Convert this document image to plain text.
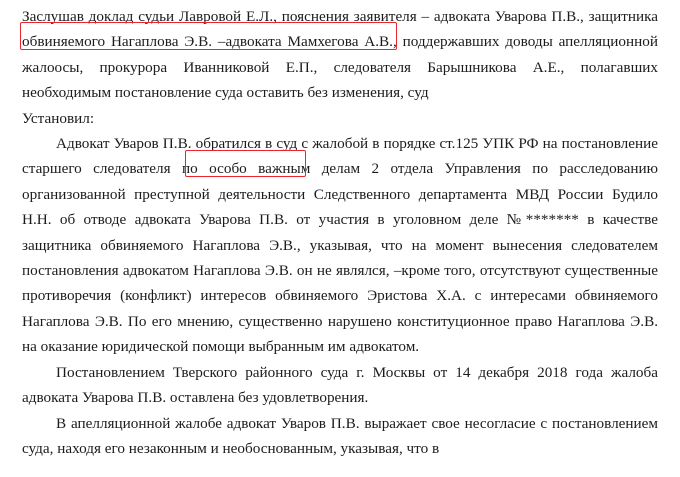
Заслушав доклад судьи Лавровой Е.Л., пояснения заявителя – адвоката Уварова П.В., защитника обвиняемого Нагаплова Э.В. –адвоката Мамхегова А.В., поддержавших доводы апелляционной жалоосы, прокурора Иванниковой Е.П., следователя Барышникова А.Е., полагавших необходимым постановление суда оставить без изменения, суд

Установил:

Адвокат Уваров П.В. обратился в суд с жалобой в порядке ст.125 УПК РФ на постановление старшего следователя по особо важным делам 2 отдела Управления по расследованию организованной преступной деятельности Следственного департамента МВД России Будило Н.Н. об отводе адвоката Уварова П.В. от участия в уголовном деле №******* в качестве защитника обвиняемого Нагаплова Э.В., указывая, что на момент вынесения следователем постановления адвокатом Нагаплова Э.В. он не являлся, –кроме того, отсутствуют существенные противоречия (конфликт) интересов обвиняемого Эристова Х.А. с интересами обвиняемого Нагаплова Э.В. По его мнению, существенно нарушено конституционное право Нагаплова Э.В. на оказание юридической помощи выбранным им адвокатом.

Постановлением Тверского районного суда г. Москвы от 14 декабря 2018 года жалоба адвоката Уварова П.В. оставлена без удовлетворения.

В апелляционной жалобе адвокат Уваров П.В. выражает свое несогласие с постановлением суда, находя его незаконным и необоснованным, указывая, что в
